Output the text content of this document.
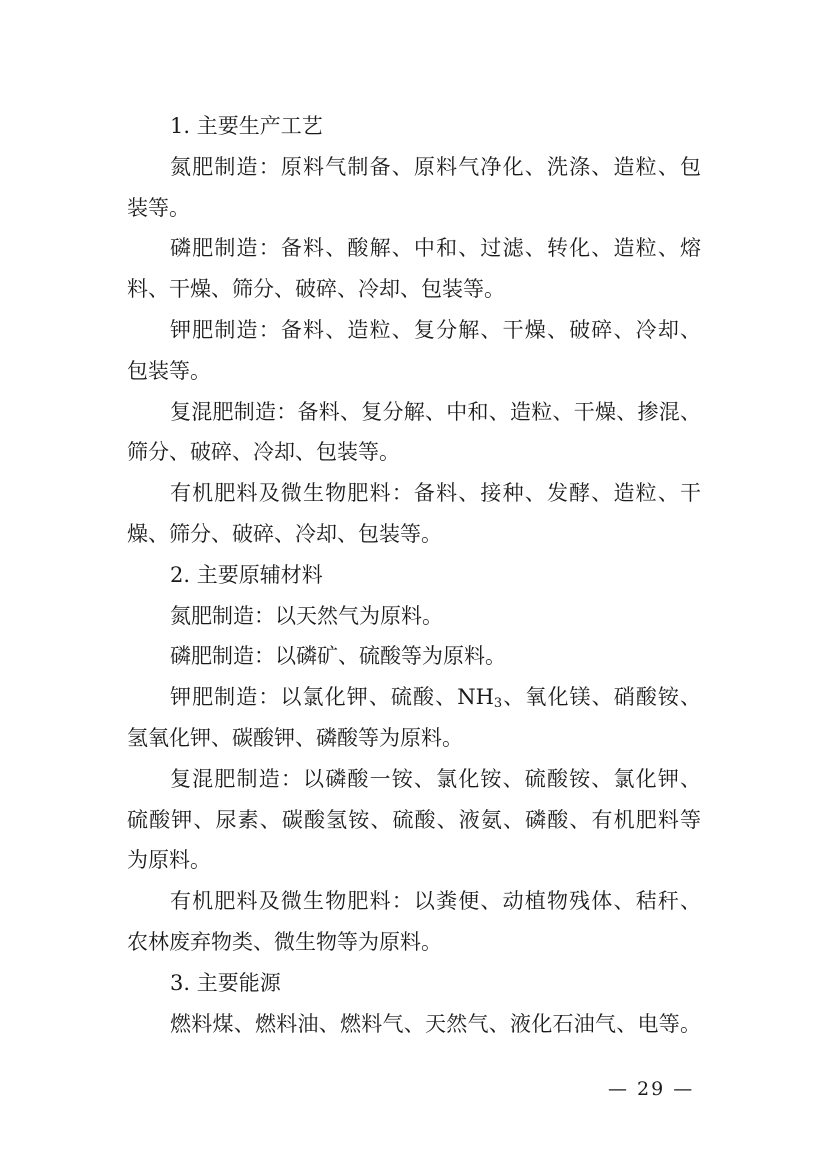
1. 主要生产工艺
氮肥制造：原料气制备、原料气净化、洗涤、造粒、包
装等。
磷肥制造：备料、酸解、中和、过滤、转化、造粒、熔
料、干燥、筛分、破碎、冷却、包装等。
钾肥制造：备料、造粒、复分解、干燥、破碎、冷却、
包装等。
复混肥制造：备料、复分解、中和、造粒、干燥、掺混、
筛分、破碎、冷却、包装等。
有机肥料及微生物肥料：备料、接种、发酵、造粒、干
燥、筛分、破碎、冷却、包装等。
2. 主要原辅材料
氮肥制造：以天然气为原料。
磷肥制造：以磷矿、硫酸等为原料。
钾肥制造：以氯化钾、硫酸、$NH_3$、氧化镁、硝酸铵、
氢氧化钾、碳酸钾、磷酸等为原料。
复混肥制造：以磷酸一铵、氯化铵、硫酸铵、氯化钾、
硫酸钾、尿素、碳酸氢铵、硫酸、液氨、磷酸、有机肥料等
为原料。
有机肥料及微生物肥料：以粪便、动植物残体、秸秆、
农林废弃物类、微生物等为原料。
3. 主要能源
燃料煤、燃料油、燃料气、天然气、液化石油气、电等。
— 29 —
